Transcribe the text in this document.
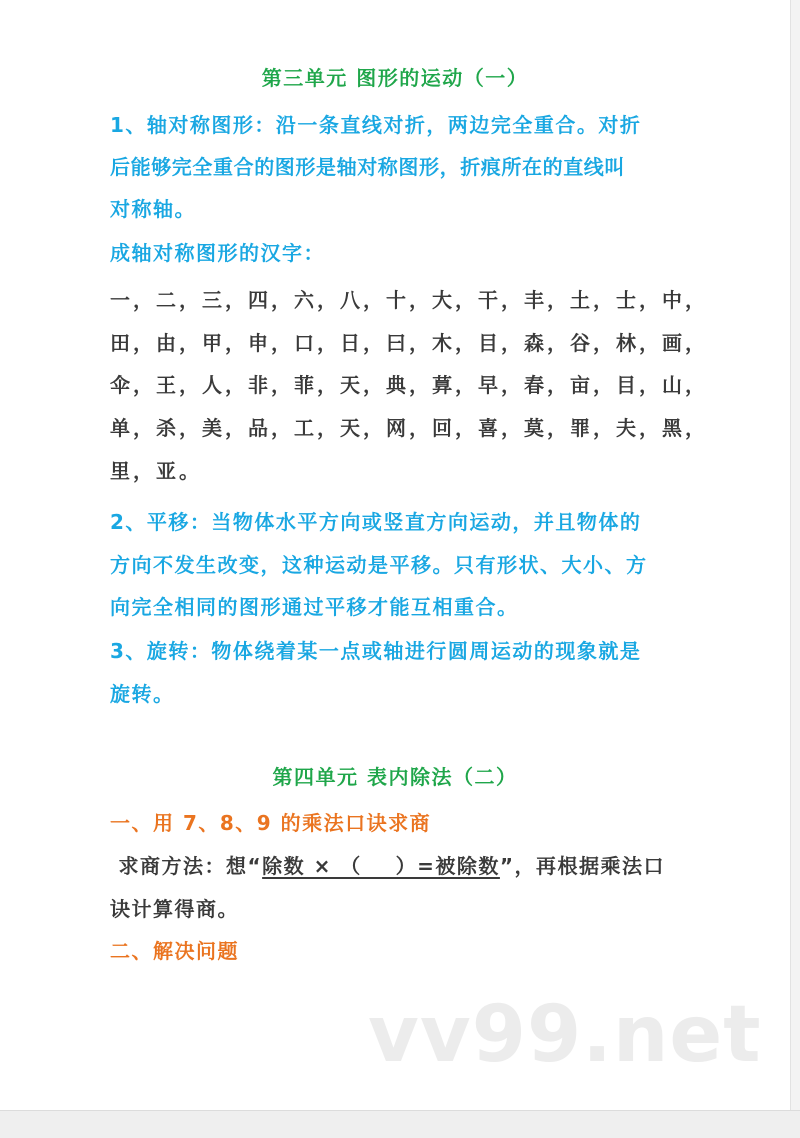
第三单元 图形的运动（一）
1、轴对称图形：沿一条直线对折，两边完全重合。对折
后能够完全重合的图形是轴对称图形，折痕所在的直线叫
对称轴。
成轴对称图形的汉字：
一，二，三，四，六，八，十，大，干，丰，土，士，中，
田，由，甲，申，口，日，曰，木，目，森，谷，林，画，
伞，王，人，非，菲，天，典，萛，早，春，亩，目，山，
单，杀，美，品，工，天，网，回，喜，莫，罪，夫，黑，
里，亚。
2、平移：当物体水平方向或竖直方向运动，并且物体的
方向不发生改变，这种运动是平移。只有形状、大小、方
向完全相同的图形通过平移才能互相重合。
3、旋转：物体绕着某一点或轴进行圆周运动的现象就是
旋转。
第四单元 表内除法（二）
一、用 7、8、9 的乘法口诀求商
求商方法：想“除数 × （    ）=被除数”，再根据乘法口
诀计算得商。
二、解决问题
vv99.net
